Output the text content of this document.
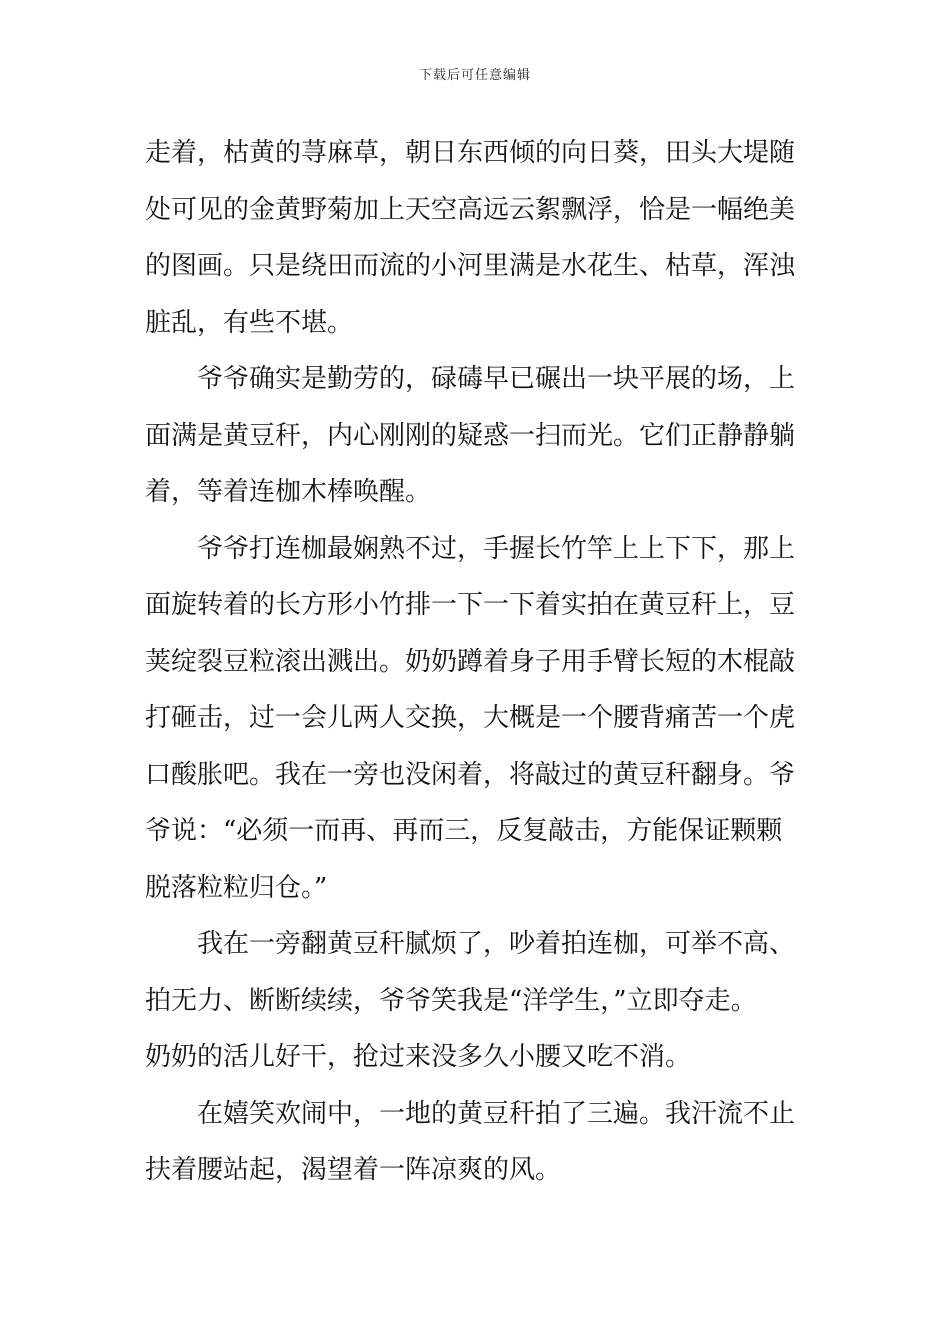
下载后可任意编辑
走着，枯黄的荨麻草，朝日东西倾的向日葵，田头大堤随
处可见的金黄野菊加上天空高远云絮飘浮，恰是一幅绝美
的图画。只是绕田而流的小河里满是水花生、枯草，浑浊
脏乱，有些不堪。
爷爷确实是勤劳的，碌碡早已碾出一块平展的场，上
面满是黄豆秆，内心刚刚的疑惑一扫而光。它们正静静躺
着，等着连枷木棒唤醒。
爷爷打连枷最娴熟不过，手握长竹竿上上下下，那上
面旋转着的长方形小竹排一下一下着实拍在黄豆秆上，豆
荚绽裂豆粒滚出溅出。奶奶蹲着身子用手臂长短的木棍敲
打砸击，过一会儿两人交换，大概是一个腰背痛苦一个虎
口酸胀吧。我在一旁也没闲着，将敲过的黄豆秆翻身。爷
爷说：“必须一而再、再而三，反复敲击，方能保证颗颗
脱落粒粒归仓。”
我在一旁翻黄豆秆腻烦了，吵着拍连枷，可举不高、
拍无力、断断续续，爷爷笑我是“洋学生，”立即夺走。
奶奶的活儿好干，抢过来没多久小腰又吃不消。
在嬉笑欢闹中，一地的黄豆秆拍了三遍。我汗流不止
扶着腰站起，渴望着一阵凉爽的风。
